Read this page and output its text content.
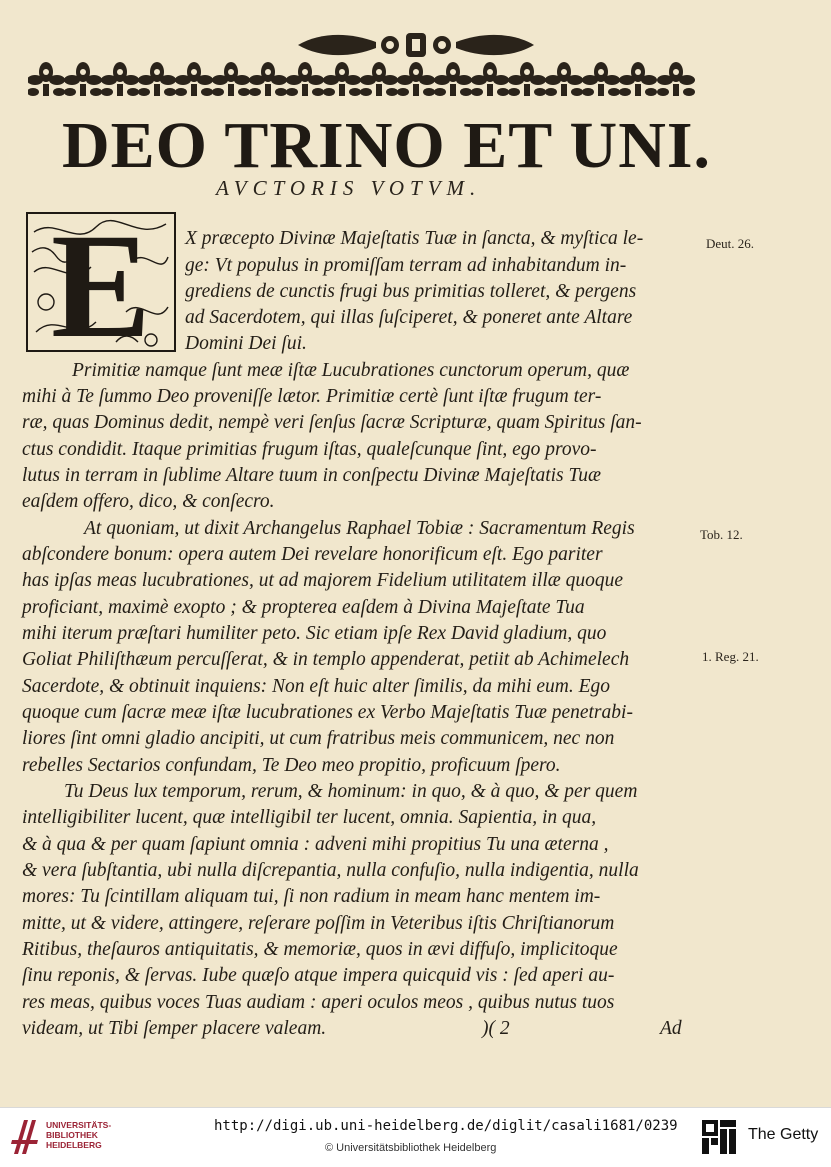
DEO TRINO ET UNI.

AVCTORIS VOTVM.

E X præcepto Divinæ Majeſtatis Tuæ in ſancta, & myſtica le-

ge: Vt populus in promiſſam terram ad inhabitandum in-

grediens de cunctis frugi bus primitias tolleret, & pergens

ad Sacerdotem, qui illas ſuſciperet, & poneret ante Altare

Domini Dei ſui.

Primitiæ namque ſunt meæ iſtæ Lucubrationes cunctorum operum, quæ

mihi à Te ſummo Deo proveniſſe lætor. Primitiæ certè ſunt iſtæ frugum ter-

ræ, quas Dominus dedit, nempè veri ſenſus ſacræ Scripturæ, quam Spiritus ſan-

ctus condidit. Itaque primitias frugum iſtas, qualeſcunque ſint, ego provo-

lutus in terram in ſublime Altare tuum in conſpectu Divinæ Majeſtatis Tuæ

eaſdem offero, dico, & conſecro.

At quoniam, ut dixit Archangelus Raphael Tobiæ : Sacramentum Regis

abſcondere bonum: opera autem Dei revelare honorificum eſt. Ego pariter

has ipſas meas lucubrationes, ut ad majorem Fidelium utilitatem illæ quoque

proficiant, maximè exopto ; & propterea eaſdem à Divina Majeſtate Tua

mihi iterum præſtari humiliter peto. Sic etiam ipſe Rex David gladium, quo

Goliat Philiſthæum percuſſerat, & in templo appenderat, petiit ab Achimelech

Sacerdote, & obtinuit inquiens: Non eſt huic alter ſimilis, da mihi eum. Ego

quoque cum ſacræ meæ iſtæ lucubrationes ex Verbo Majeſtatis Tuæ penetrabi-

liores ſint omni gladio ancipiti, ut cum fratribus meis communicem, nec non

rebelles Sectarios confundam, Te Deo meo propitio, proficuum ſpero.

Tu Deus lux temporum, rerum, & hominum: in quo, & à quo, & per quem

intelligibiliter lucent, quæ intelligibil ter lucent, omnia. Sapientia, in qua,

& à qua & per quam ſapiunt omnia : adveni mihi propitius Tu una æterna ,

& vera ſubſtantia, ubi nulla diſcrepantia, nulla confuſio, nulla indigentia, nulla

mores: Tu ſcintillam aliquam tui, ſi non radium in meam hanc mentem im-

mitte, ut & videre, attingere, reſerare poſſim in Veteribus iſtis Chriſtianorum

Ritibus, theſauros antiquitatis, & memoriæ, quos in ævi diffuſo, implicitoque

ſinu reponis, & ſervas. Iube quæſo atque impera quicquid vis : ſed aperi au-

res meas, quibus voces Tuas audiam : aperi oculos meos , quibus nutus tuos

videam, ut Tibi ſemper placere valeam.	)( 2	Ad

Deut. 26.

Tob. 12.

1. Reg. 21.

UNIVERSITÄTS-
BIBLIOTHEK
HEIDELBERG
http://digi.ub.uni-heidelberg.de/diglit/casali1681/0239
© Universitätsbibliothek Heidelberg
The Getty
